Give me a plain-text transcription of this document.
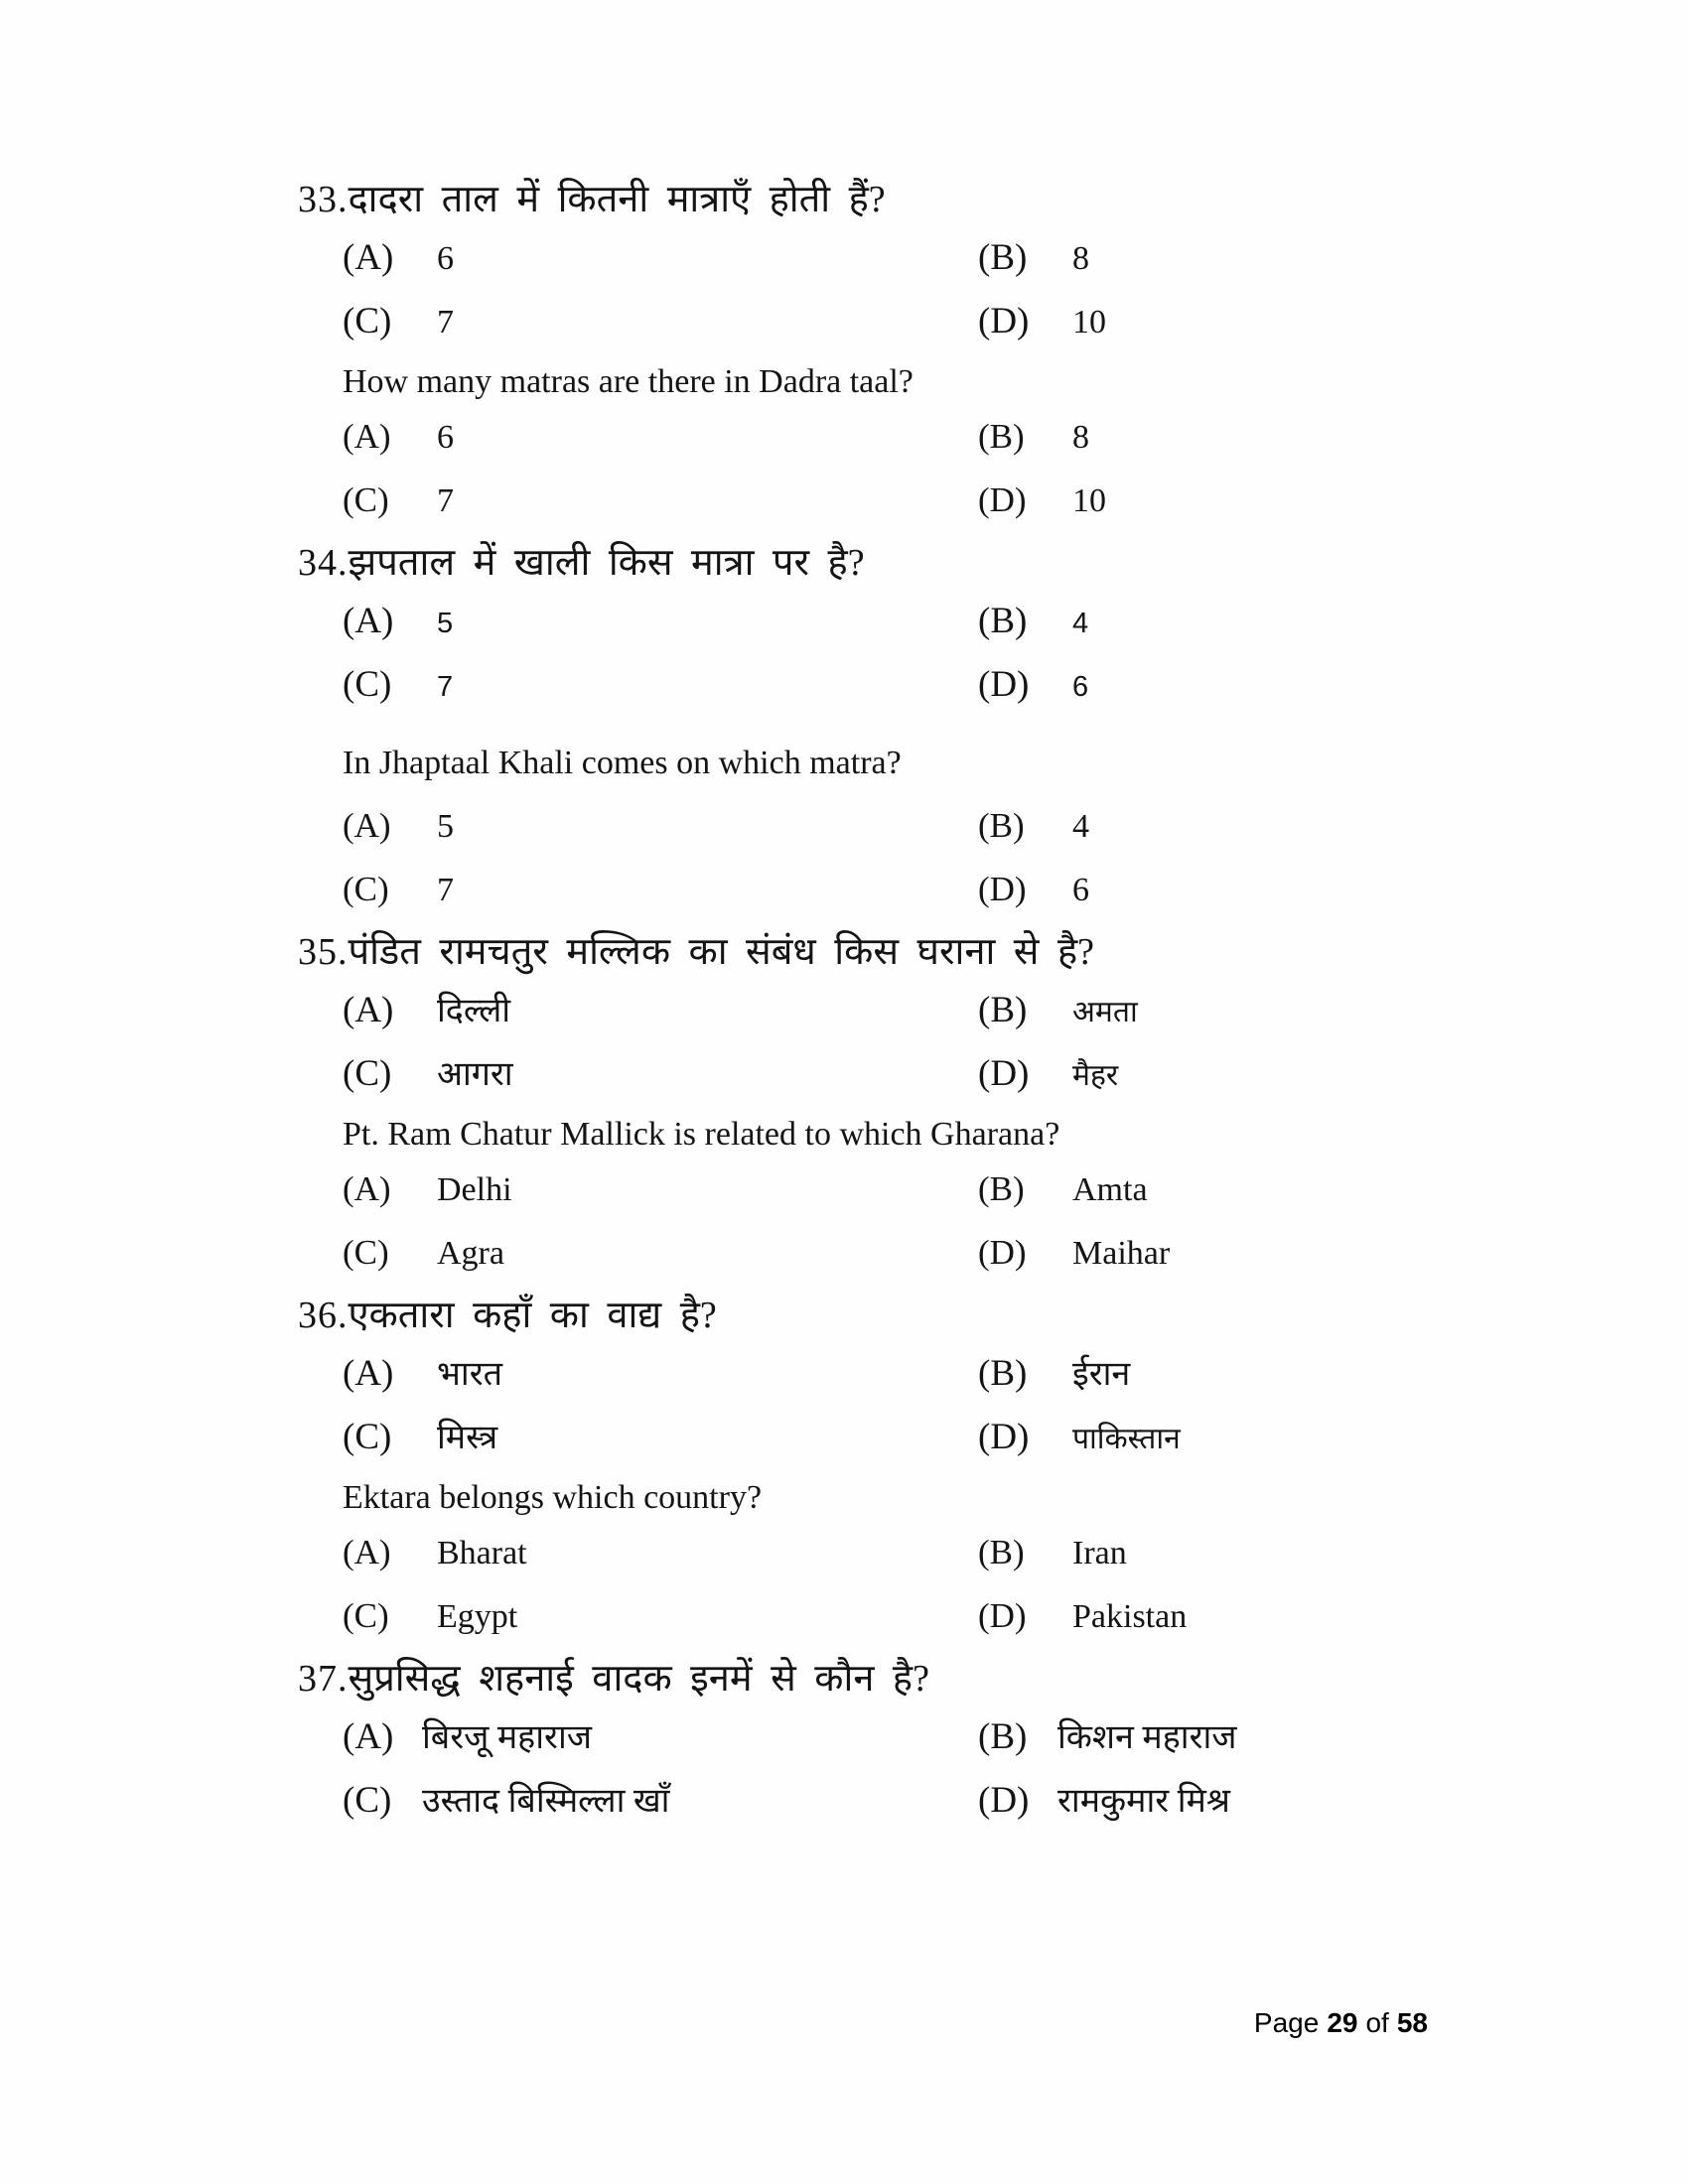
33. दादरा ताल में कितनी मात्राएँ होती हैं?
(A)	6	(B)	8
(C)	7	(D)	10
How many matras are there in Dadra taal?
(A)	6	(B)	8
(C)	7	(D)	10
34. झपताल में खाली किस मात्रा पर है?
(A)	5	(B)	4
(C)	7	(D)	6
In Jhaptaal Khali comes on which matra?
(A)	5	(B)	4
(C)	7	(D)	6
35. पंडित रामचतुर मल्लिक का संबंध किस घराना से है?
(A)	दिल्ली	(B)	अमता
(C)	आगरा	(D)	मैहर
Pt. Ram Chatur Mallick is related to which Gharana?
(A)	Delhi	(B)	Amta
(C)	Agra	(D)	Maihar
36. एकतारा कहाँ का वाद्य है?
(A)	भारत	(B)	ईरान
(C)	मिस्त्र	(D)	पाकिस्तान
Ektara belongs which country?
(A)	Bharat	(B)	Iran
(C)	Egypt	(D)	Pakistan
37. सुप्रसिद्ध शहनाई वादक इनमें से कौन है?
(A) बिरजू महाराज	(B) किशन महाराज
(C) उस्ताद बिस्मिल्ला खाँ	(D) रामकुमार मिश्र
Page 29 of 58
